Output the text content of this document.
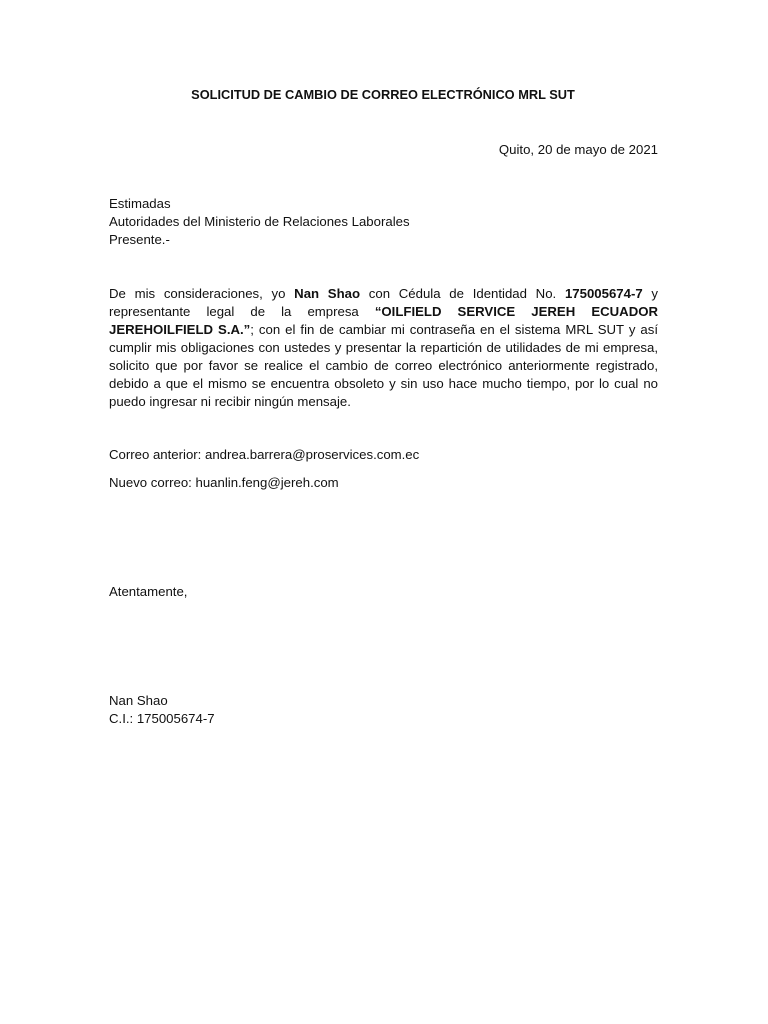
SOLICITUD DE CAMBIO DE CORREO ELECTRÓNICO MRL SUT
Quito, 20 de mayo de 2021
Estimadas
Autoridades del Ministerio de Relaciones Laborales
Presente.-
De mis consideraciones, yo Nan Shao con Cédula de Identidad No. 175005674-7 y representante legal de la empresa “OILFIELD SERVICE JEREH ECUADOR JEREHOILFIELD S.A.”; con el fin de cambiar mi contraseña en el sistema MRL SUT y así cumplir mis obligaciones con ustedes y presentar la repartición de utilidades de mi empresa, solicito que por favor se realice el cambio de correo electrónico anteriormente registrado, debido a que el mismo se encuentra obsoleto y sin uso hace mucho tiempo, por lo cual no puedo ingresar ni recibir ningún mensaje.
Correo anterior: andrea.barrera@proservices.com.ec
Nuevo correo: huanlin.feng@jereh.com
Atentamente,
Nan Shao
C.I.: 175005674-7
